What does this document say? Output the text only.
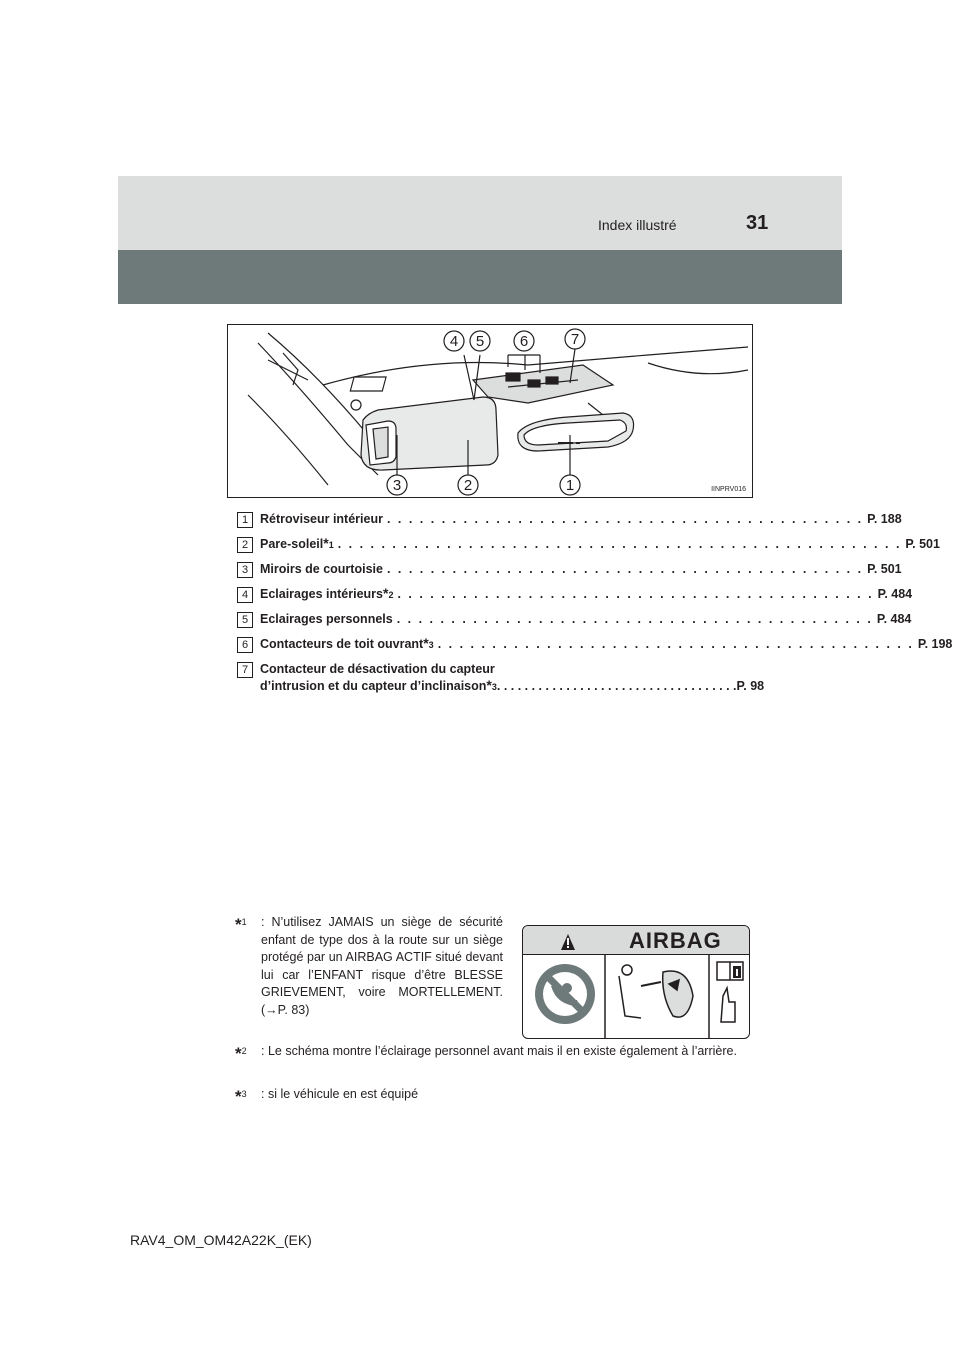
Index illustré	31
4 5 6	7
3	2	1	IINPRV016
1 Rétroviseur intérieur . . . . . . . . . . . . . . . . . . . . . . . . . . . . . . . . . . . . . . . . . . . . P. 188
2 Pare-soleil *1 . . . . . . . . . . . . . . . . . . . . . . . . . . . . . . . . . . . . . . . . . . . . . . . . . . . . P. 501
3 Miroirs de courtoisie . . . . . . . . . . . . . . . . . . . . . . . . . . . . . . . . . . . . . . . . . . . . P. 501
4 Eclairages intérieurs *2 . . . . . . . . . . . . . . . . . . . . . . . . . . . . . . . . . . . . . . . . . . . . P. 484
5 Eclairages personnels . . . . . . . . . . . . . . . . . . . . . . . . . . . . . . . . . . . . . . . . . . . . P. 484
6 Contacteurs de toit ouvrant *3 . . . . . . . . . . . . . . . . . . . . . . . . . . . . . . . . . . . . . . . . . . . . P. 198
7 Contacteur de désactivation du capteur
d’intrusion et du capteur d’inclinaison *3 . . . . . . . . . . . . . . . . . . . . . . . . . . . . . . . . . . . P. 98
*$^1$ : N’utilisez JAMAIS un siège de sécurité enfant de type dos à la route sur un siège protégé par un AIRBAG ACTIF situé devant lui car l’ENFANT risque d’être BLESSE GRIEVEMENT, voire MORTELLEMENT. (→P. 83)
AIRBAG
*$^2$ : Le schéma montre l’éclairage personnel avant mais il en existe également à l’arrière.
*$^3$ : si le véhicule en est équipé
RAV4_OM_OM42A22K_(EK)
